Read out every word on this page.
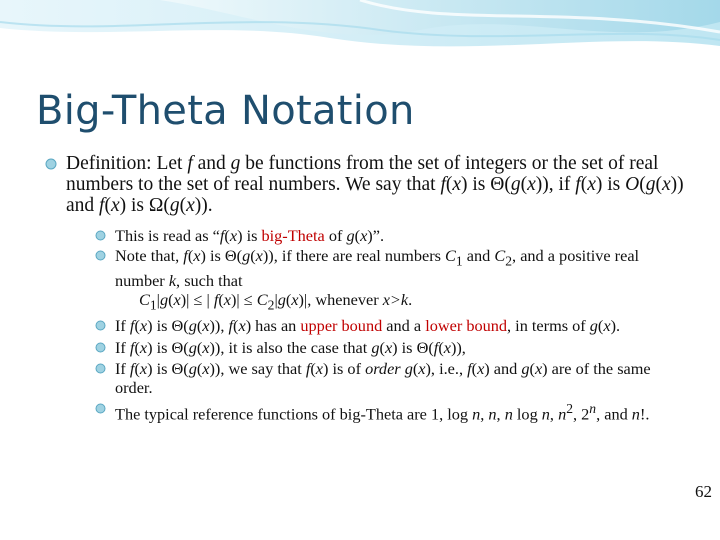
Big-Theta Notation
Definition: Let f and g be functions from the set of integers or the set of real numbers to the set of real numbers. We say that f(x) is Θ(g(x)), if f(x) is O(g(x)) and f(x) is Ω(g(x)).
This is read as “f(x) is big-Theta of g(x)”.
Note that, f(x) is Θ(g(x)), if there are real numbers $C_1$ and $C_2$, and a positive real number k, such that
$C_1|g(x)|$ ≤ | $f(x)| \le C_2|g(x)|$, whenever x>k.
If f(x) is Θ(g(x)), f(x) has an upper bound and a lower bound, in terms of g(x).
If f(x) is Θ(g(x)), it is also the case that g(x) is Θ(f(x)),
If f(x) is Θ(g(x)), we say that f(x) is of order g(x), i.e., f(x) and g(x) are of the same order.
The typical reference functions of big-Theta are 1, log n, n, n log n, $n^2$, 2$^n$, and n!.
62
